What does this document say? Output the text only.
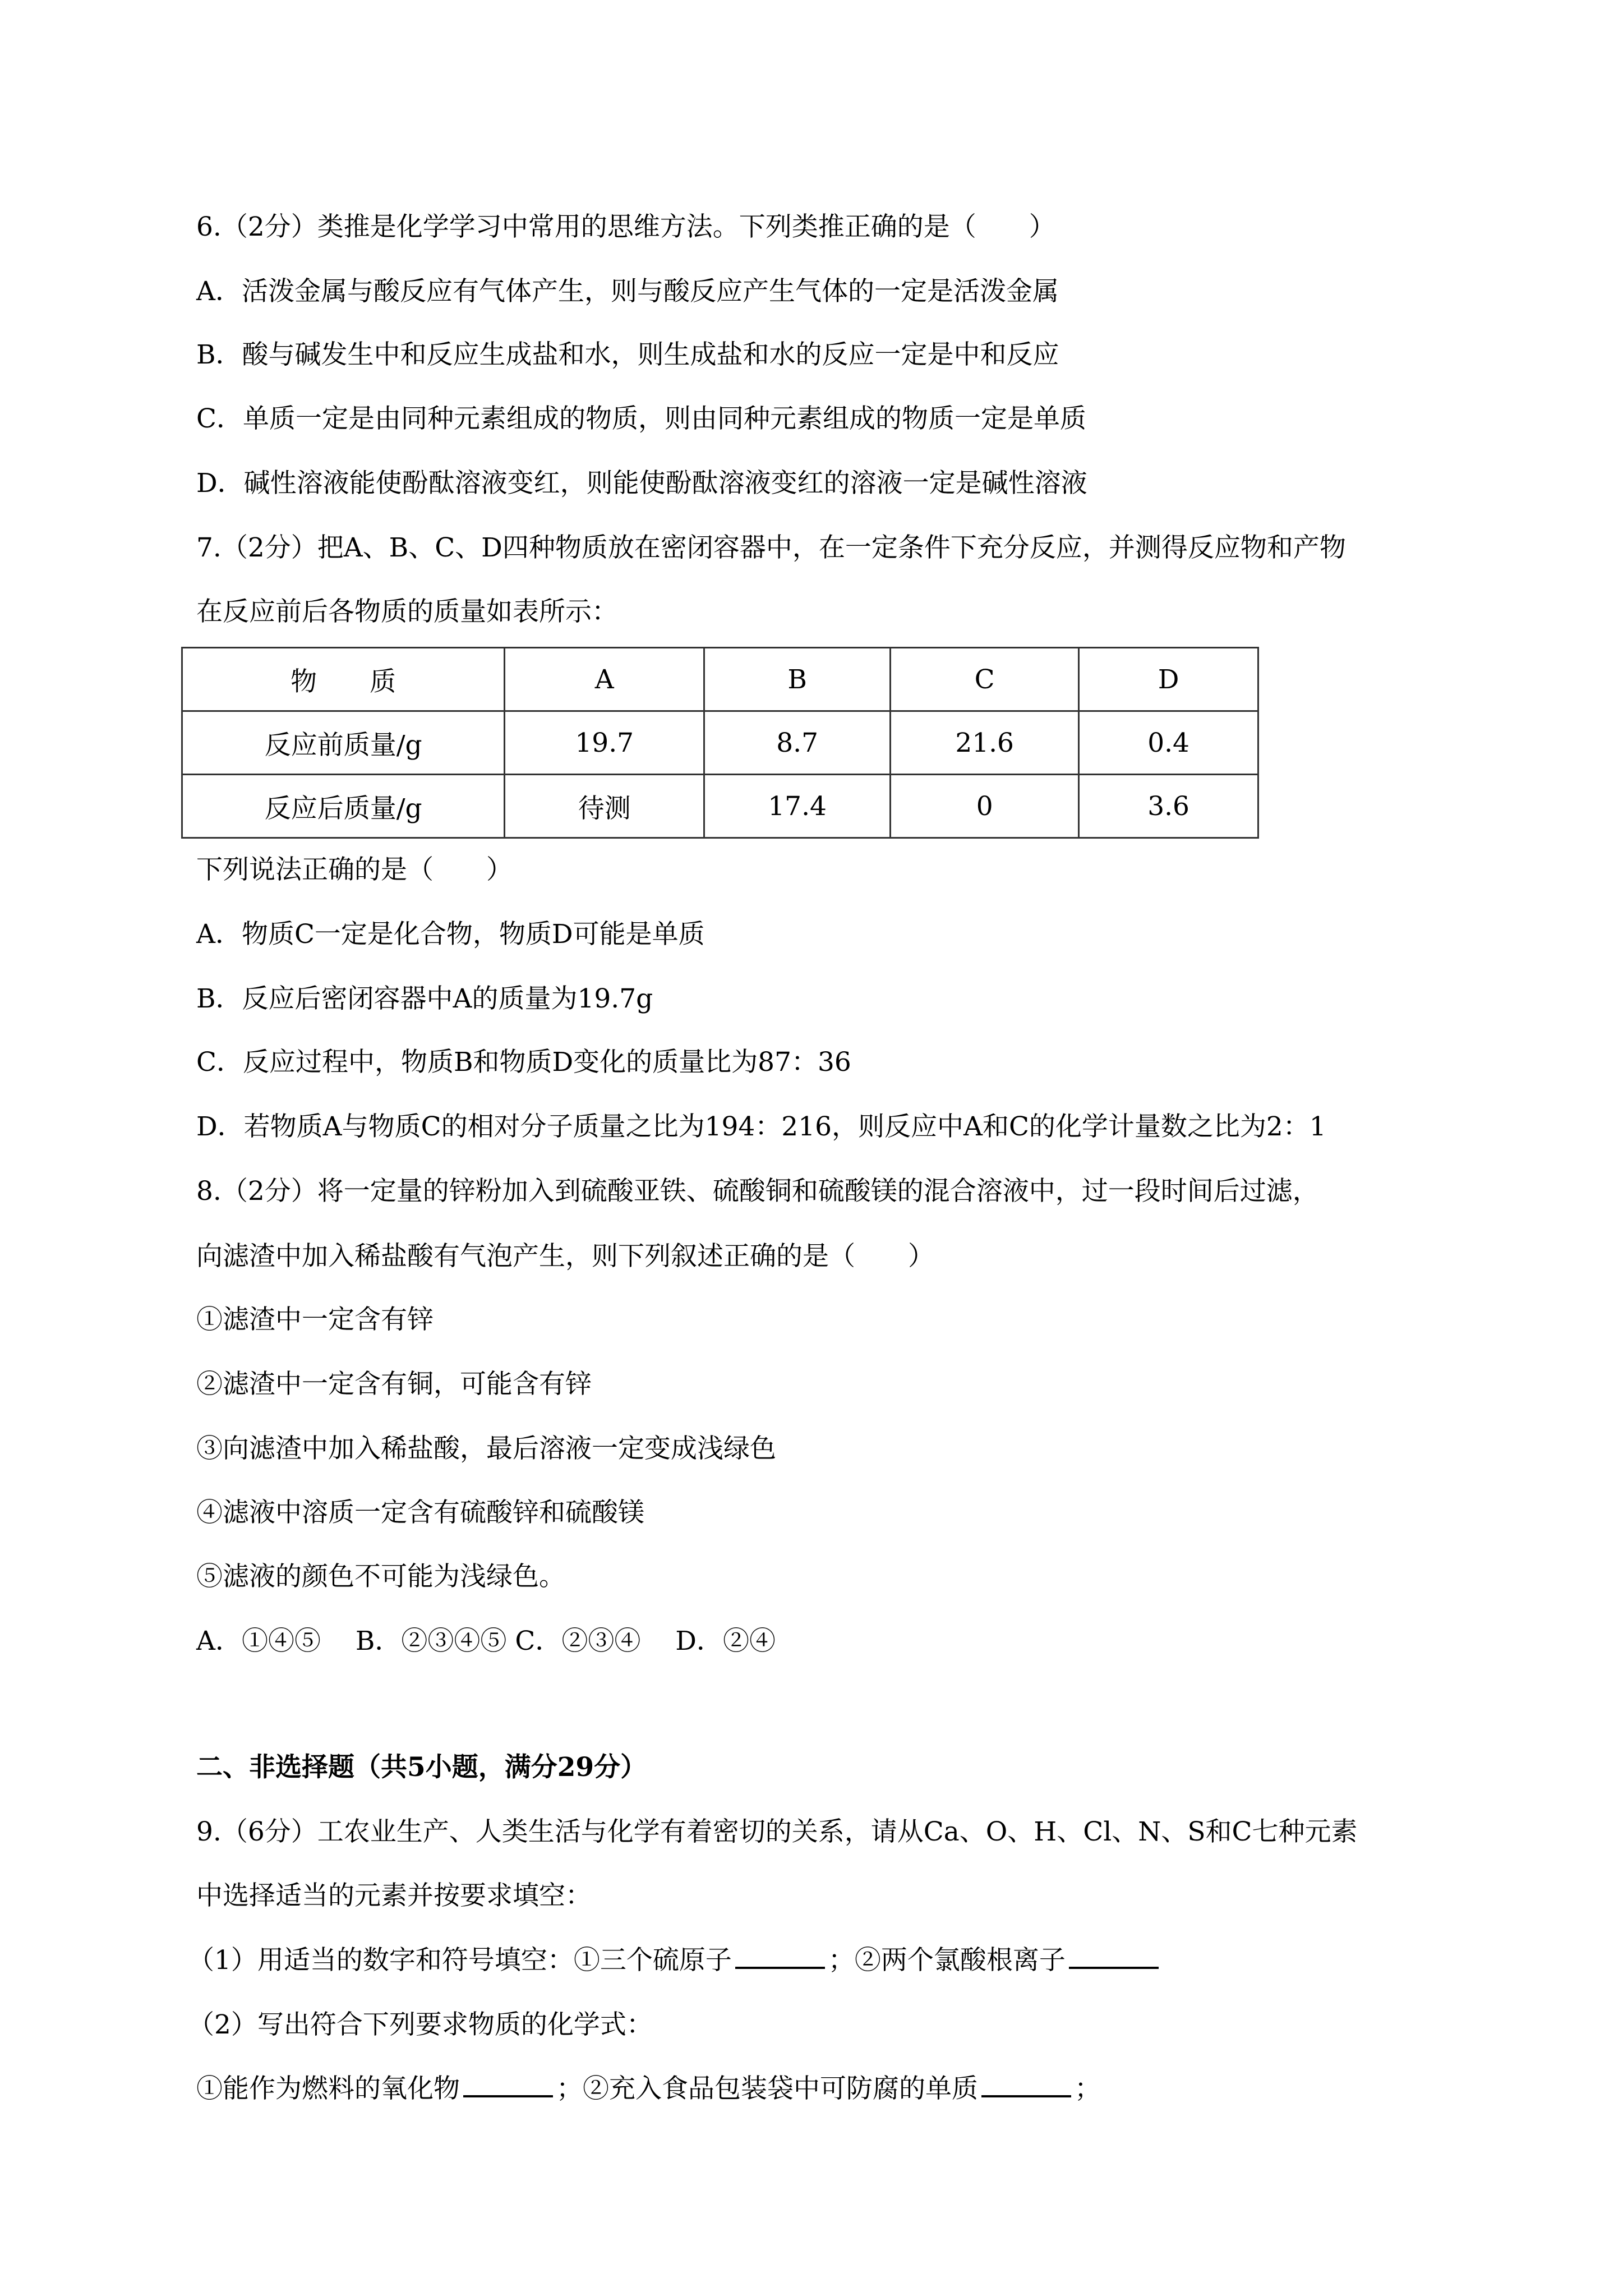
6.（2分）类推是化学学习中常用的思维方法。下列类推正确的是（　　）
A．活泼金属与酸反应有气体产生，则与酸反应产生气体的一定是活泼金属
B．酸与碱发生中和反应生成盐和水，则生成盐和水的反应一定是中和反应
C．单质一定是由同种元素组成的物质，则由同种元素组成的物质一定是单质
D．碱性溶液能使酚酞溶液变红，则能使酚酞溶液变红的溶液一定是碱性溶液
7.（2分）把A、B、C、D四种物质放在密闭容器中，在一定条件下充分反应，并测得反应物和产物
在反应前后各物质的质量如表所示：
物　　质	A	B	C	D
反应前质量/g	19.7	8.7	21.6	0.4
反应后质量/g	待测	17.4	0	3.6
下列说法正确的是（　　）
A．物质C一定是化合物，物质D可能是单质
B．反应后密闭容器中A的质量为19.7g
C．反应过程中，物质B和物质D变化的质量比为87：36
D．若物质A与物质C的相对分子质量之比为194：216，则反应中A和C的化学计量数之比为2：1
8.（2分）将一定量的锌粉加入到硫酸亚铁、硫酸铜和硫酸镁的混合溶液中，过一段时间后过滤，
向滤渣中加入稀盐酸有气泡产生，则下列叙述正确的是（　　）
①滤渣中一定含有锌
②滤渣中一定含有铜，可能含有锌
③向滤渣中加入稀盐酸，最后溶液一定变成浅绿色
④滤液中溶质一定含有硫酸锌和硫酸镁
⑤滤液的颜色不可能为浅绿色。
A．①④⑤　 B．②③④⑤ C．②③④　 D．②④
二、非选择题（共5小题，满分29分）
9.（6分）工农业生产、人类生活与化学有着密切的关系，请从Ca、O、H、Cl、N、S和C七种元素
中选择适当的元素并按要求填空：
（1）用适当的数字和符号填空：①三个硫原子	；②两个氯酸根离子
（2）写出符合下列要求物质的化学式：
①能作为燃料的氧化物	；②充入食品包装袋中可防腐的单质	；
